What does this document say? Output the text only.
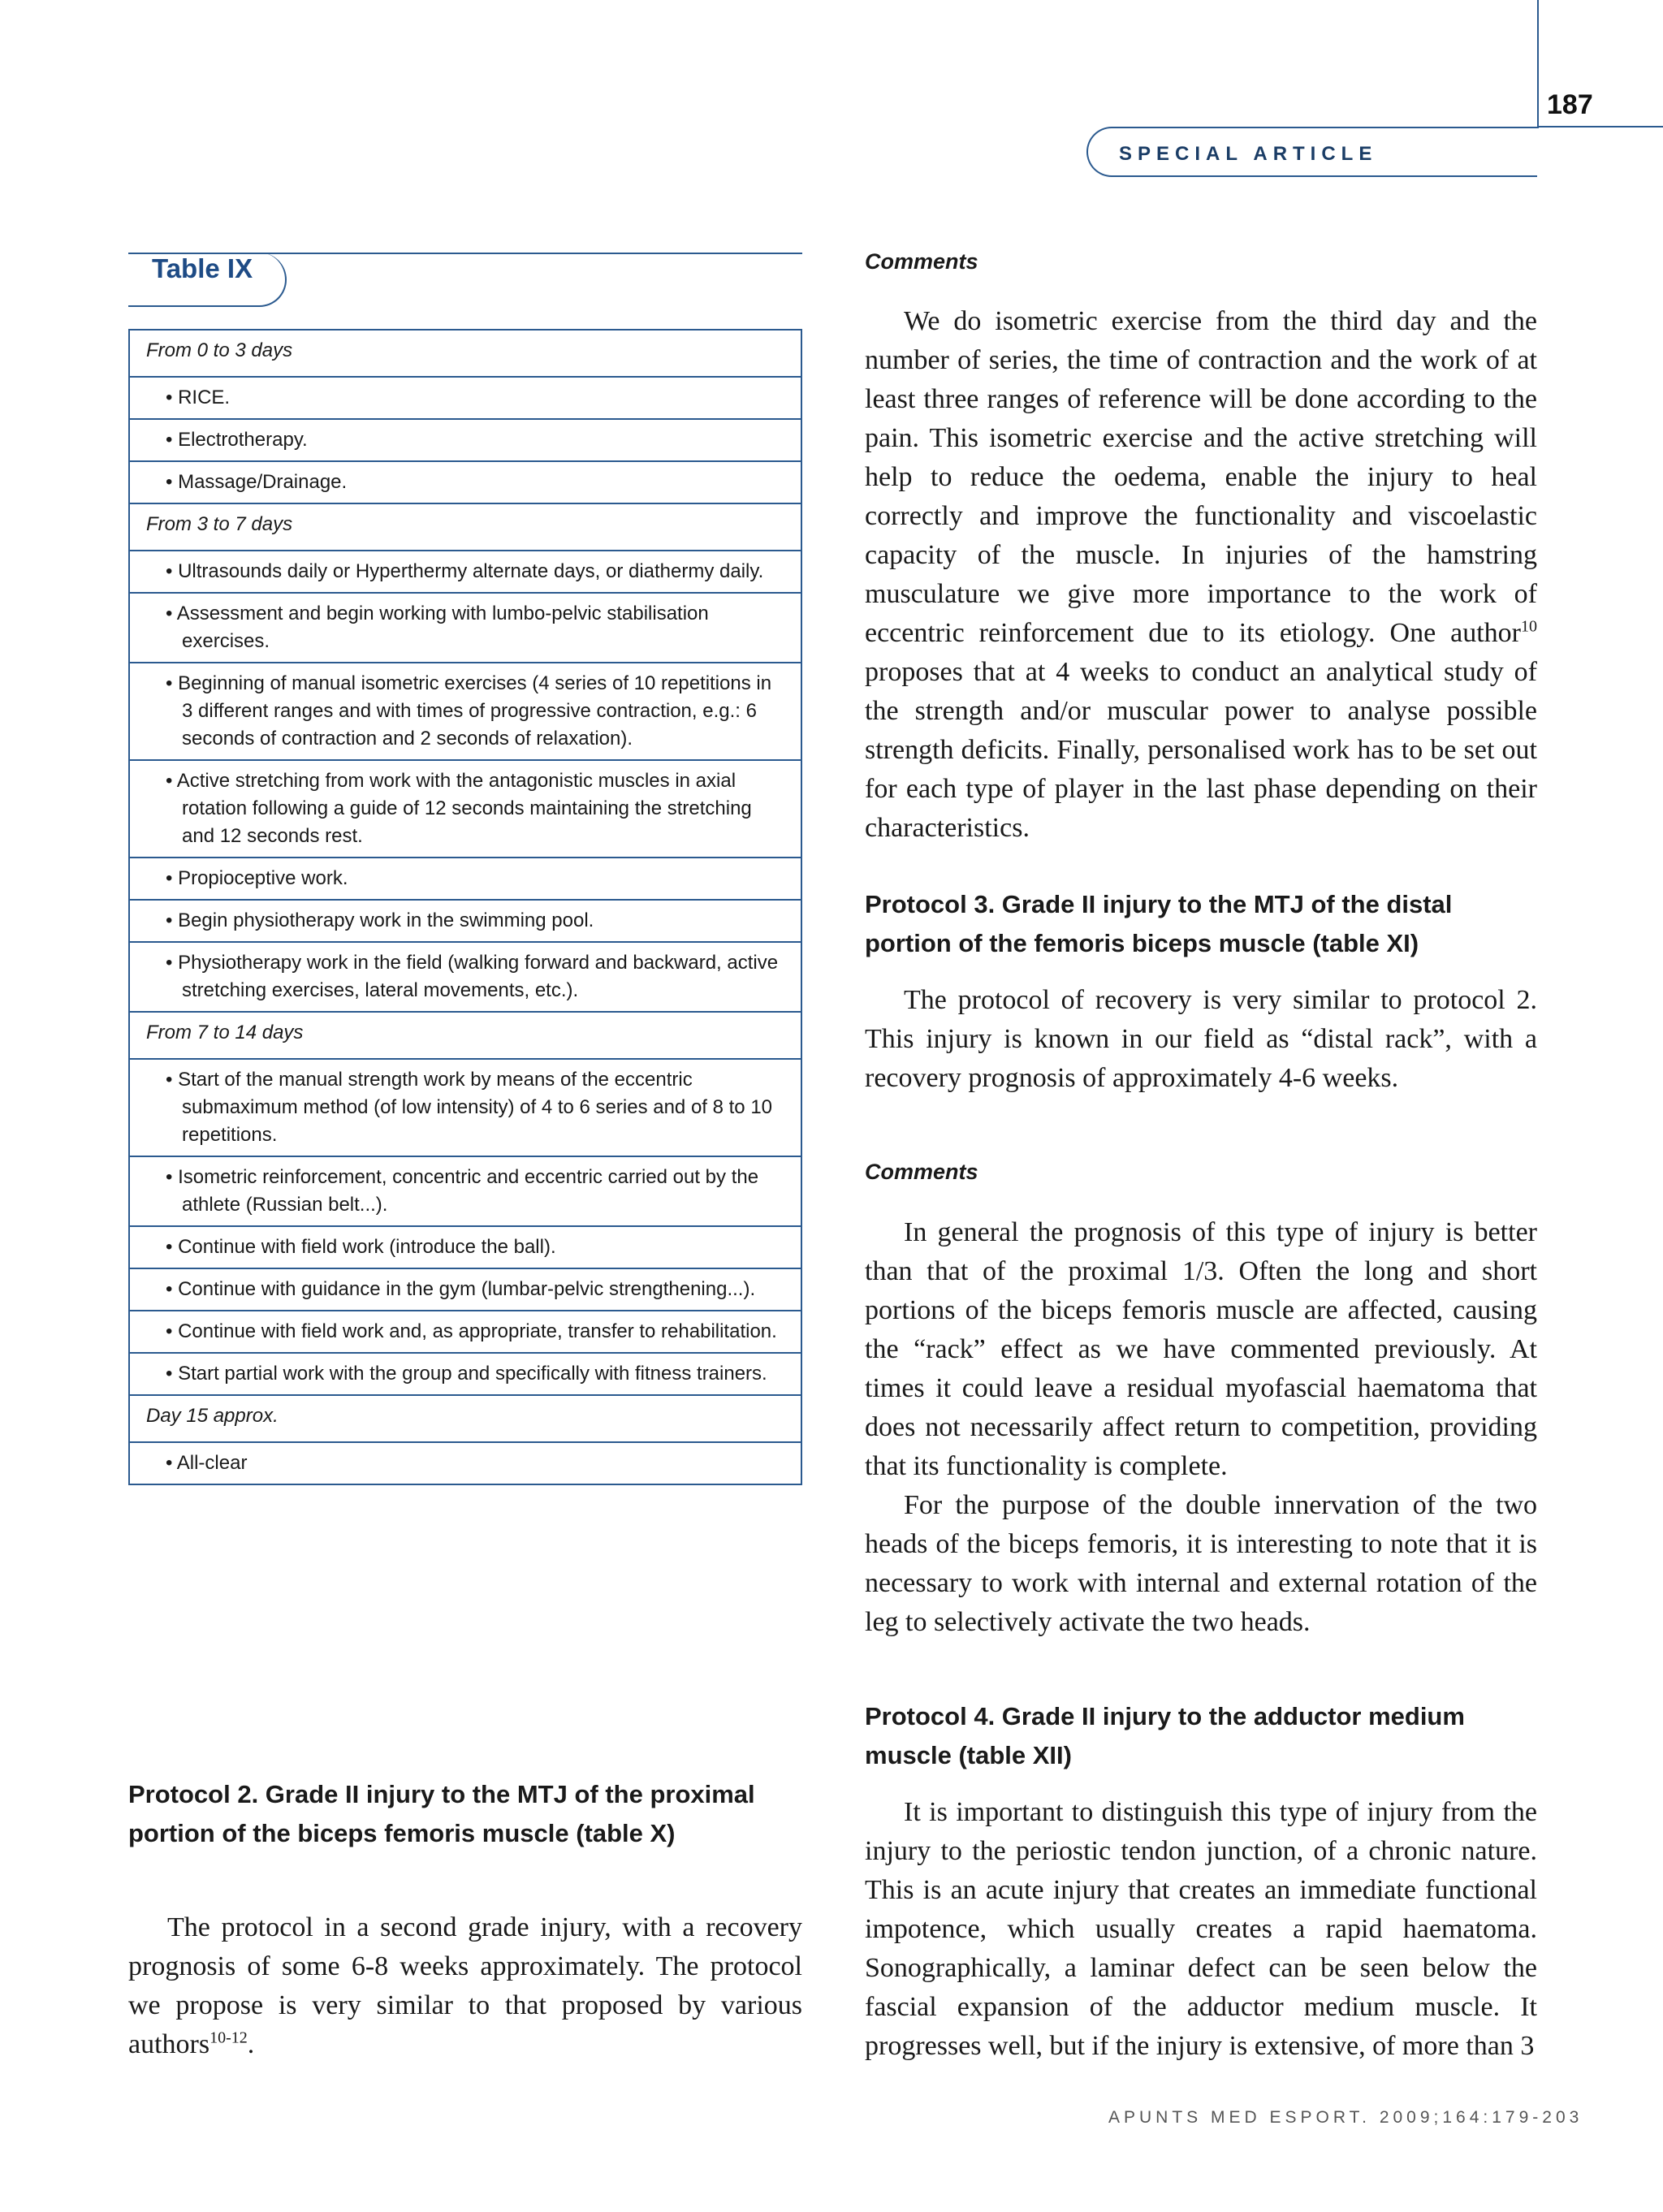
187
SPECIAL ARTICLE
Table IX
From 0 to 3 days

• RICE.

• Electrotherapy.

• Massage/Drainage.

From 3 to 7 days

• Ultrasounds daily or Hyperthermy alternate days, or diathermy daily.

• Assessment and begin working with lumbo-pelvic stabilisation exercises.

• Beginning of manual isometric exercises (4 series of 10 repetitions in 3 different ranges and with times of progressive contraction, e.g.: 6 seconds of contraction and 2 seconds of relaxation).

• Active stretching from work with the antagonistic muscles in axial rotation following a guide of 12 seconds maintaining the stretching and 12 seconds rest.

• Propioceptive work.

• Begin physiotherapy work in the swimming pool.

• Physiotherapy work in the field (walking forward and backward, active stretching exercises, lateral movements, etc.).

From 7 to 14 days

• Start of the manual strength work by means of the eccentric submaximum method (of low intensity) of 4 to 6 series and of 8 to 10 repetitions.

• Isometric reinforcement, concentric and eccentric carried out by the athlete (Russian belt...).

• Continue with field work (introduce the ball).

• Continue with guidance in the gym (lumbar-pelvic strengthening...).

• Continue with field work and, as appropriate, transfer to rehabilitation.

• Start partial work with the group and specifically with fitness trainers.

Day 15 approx.

• All-clear
Protocol 2. Grade II injury to the MTJ of the proximal portion of the biceps femoris muscle (table X)

The protocol in a second grade injury, with a recovery prognosis of some 6-8 weeks approximately. The protocol we propose is very similar to that proposed by various authors$^{10-12}$.

Comments

We do isometric exercise from the third day and the number of series, the time of contraction and the work of at least three ranges of reference will be done according to the pain. This isometric exercise and the active stretching will help to reduce the oedema, enable the injury to heal correctly and improve the functionality and viscoelastic capacity of the muscle. In injuries of the hamstring musculature we give more importance to the work of eccentric reinforcement due to its etiology. One author$^{10}$ proposes that at 4 weeks to conduct an analytical study of the strength and/or muscular power to analyse possible strength deficits. Finally, personalised work has to be set out for each type of player in the last phase depending on their characteristics.

Protocol 3. Grade II injury to the MTJ of the distal portion of the femoris biceps muscle (table XI)

The protocol of recovery is very similar to protocol 2. This injury is known in our field as “distal rack”, with a recovery prognosis of approximately 4-6 weeks.

Comments

In general the prognosis of this type of injury is better than that of the proximal 1/3. Often the long and short portions of the biceps femoris muscle are affected, causing the “rack” effect as we have commented previously. At times it could leave a residual myofascial haematoma that does not necessarily affect return to competition, providing that its functionality is complete.

For the purpose of the double innervation of the two heads of the biceps femoris, it is interesting to note that it is necessary to work with internal and external rotation of the leg to selectively activate the two heads.

Protocol 4. Grade II injury to the adductor medium muscle (table XII)

It is important to distinguish this type of injury from the injury to the periostic tendon junction, of a chronic nature. This is an acute injury that creates an immediate functional impotence, which usually creates a rapid haematoma. Sonographically, a laminar defect can be seen below the fascial expansion of the adductor medium muscle. It progresses well, but if the injury is extensive, of more than 3

APUNTS MED ESPORT. 2009;164:179-203
